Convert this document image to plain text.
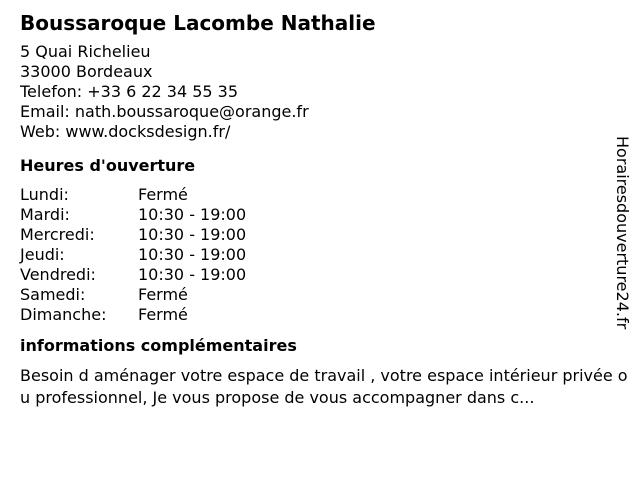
Boussaroque Lacombe Nathalie
5 Quai Richelieu
33000 Bordeaux
Telefon: +33 6 22 34 55 35
Email: nath.boussaroque@orange.fr
Web: www.docksdesign.fr/
Heures d'ouverture
Lundi:	Fermé
Mardi:	10:30 - 19:00
Mercredi:	10:30 - 19:00
Jeudi:	10:30 - 19:00
Vendredi:	10:30 - 19:00
Samedi:	Fermé
Dimanche:	Fermé
informations complémentaires
Besoin d aménager votre espace de travail , votre espace intérieur privée ou professionnel, Je vous propose de vous accompagner dans c...
Horairesdouverture24.fr
